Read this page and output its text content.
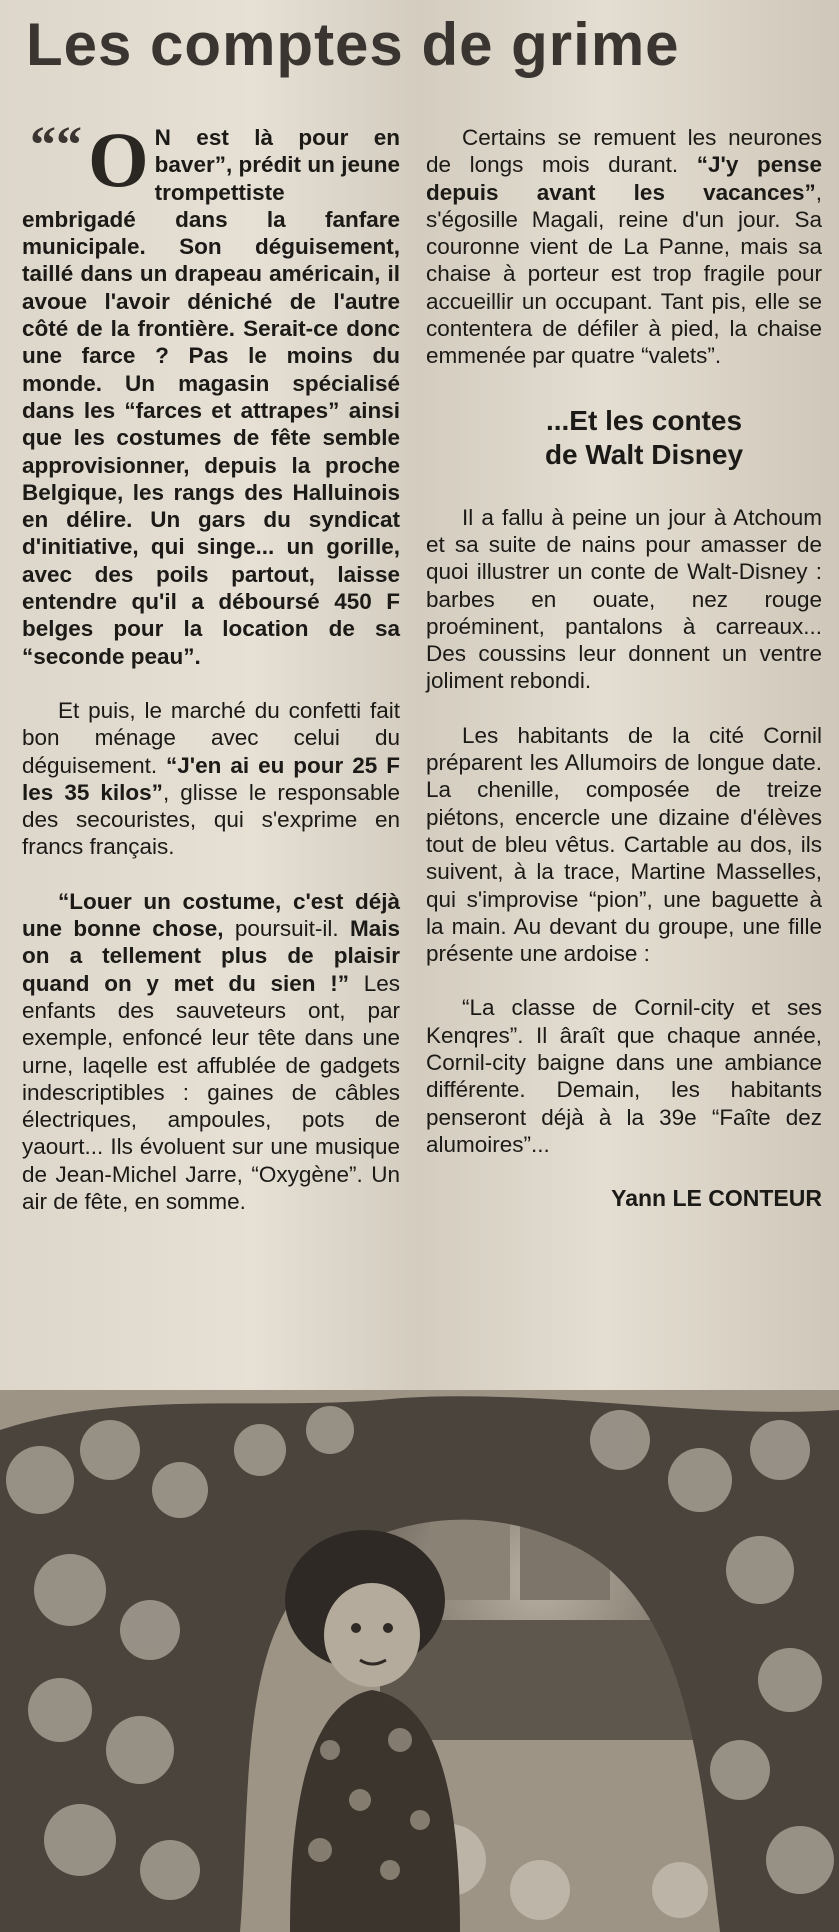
Les comptes de grime

““ O N est là pour en baver”, prédit un jeune trompettiste embrigadé dans la fanfare municipale. Son déguisement, taillé dans un drapeau américain, il avoue l'avoir déniché de l'autre côté de la frontière. Serait-ce donc une farce ? Pas le moins du monde. Un magasin spécialisé dans les “farces et attrapes” ainsi que les costumes de fête semble approvisionner, depuis la proche Belgique, les rangs des Halluinois en délire. Un gars du syndicat d'initiative, qui singe... un gorille, avec des poils partout, laisse entendre qu'il a déboursé 450 F belges pour la location de sa “seconde peau”.

Et puis, le marché du confetti fait bon ménage avec celui du déguisement. “J'en ai eu pour 25 F les 35 kilos”, glisse le responsable des secouristes, qui s'exprime en francs français.

“Louer un costume, c'est déjà une bonne chose, poursuit-il. Mais on a tellement plus de plaisir quand on y met du sien !” Les enfants des sauveteurs ont, par exemple, enfoncé leur tête dans une urne, laqelle est affublée de gadgets indescriptibles : gaines de câbles électriques, ampoules, pots de yaourt... Ils évoluent sur une musique de Jean-Michel Jarre, “Oxygène”. Un air de fête, en somme.

Certains se remuent les neurones de longs mois durant. “J'y pense depuis avant les vacances”, s'égosille Magali, reine d'un jour. Sa couronne vient de La Panne, mais sa chaise à porteur est trop fragile pour accueillir un occupant. Tant pis, elle se contentera de défiler à pied, la chaise emmenée par quatre “valets”.

...Et les contes
de Walt Disney

Il a fallu à peine un jour à Atchoum et sa suite de nains pour amasser de quoi illustrer un conte de Walt-Disney : barbes en ouate, nez rouge proéminent, pantalons à carreaux... Des coussins leur donnent un ventre joliment rebondi.

Les habitants de la cité Cornil préparent les Allumoirs de longue date. La chenille, composée de treize piétons, encercle une dizaine d'élèves tout de bleu vêtus. Cartable au dos, ils suivent, à la trace, Martine Masselles, qui s'improvise “pion”, une baguette à la main. Au devant du groupe, une fille présente une ardoise :

“La classe de Cornil-city et ses Kenqres”. Il âraît que chaque année, Cornil-city baigne dans une ambiance différente. Demain, les habitants penseront déjà à la 39e “Faîte dez alumoires”...

Yann LE CONTEUR
